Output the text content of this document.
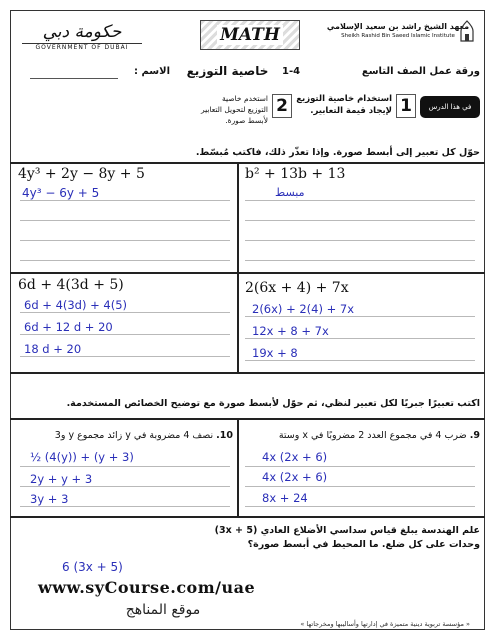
حكومة دبي
GOVERNMENT OF DUBAI
MATH	معهد الشيخ راشد بن سعيد الإسلامي
Sheikh Rashid Bin Saeed Islamic Institute
ورقة عمل الصف التاسع
1-4
خاصية التوزيع
الاسم :
في هذا الدرس سوف أتعلم
1
استخدام خاصية التوزيع لإيجاد قيمة التعابير.
2
استخدم خاصية التوزيع لتحويل التعابير لأبسط صورة.
حوّل كل تعبير إلى أبسط صورة. وإذا تعذّر ذلك، فاكتب مُبسّط.
4y³ + 2y − 8y + 5
4y³ − 6y + 5
b² + 13b + 13
مبسط
6d + 4(3d + 5)
6d + 4(3d) + 4(5)
6d + 12 d + 20
18 d + 20
2(6x + 4) + 7x
2(6x) + 2(4) + 7x
12x + 8 + 7x
19x + 8
اكتب تعبيرًا جبريًا لكل تعبير لنظي، ثم حوّل لأبسط صورة مع توضيح الخصائص المستخدمة.
9. ضرب 4 في مجموع العدد 2 مضروبًا في x وستة
4x (2x + 6)
4x (2x + 6)
8x + 24
10. نصف 4 مضروبة في y زائد مجموع y و3
½ (4(y)) + (y + 3)
2y + y + 3
3y + 3
علم الهندسة يبلغ قياس سداسي الأضلاع العادي (3x + 5) وحدات على كل ضلع. ما المحيط في أبسط صورة؟
6 (3x + 5)
www.syCourse.com/uae
موقع المناهج
« مؤسسة تربوية دينية متميزة في إدارتها وأساليبها ومخرجاتها »
